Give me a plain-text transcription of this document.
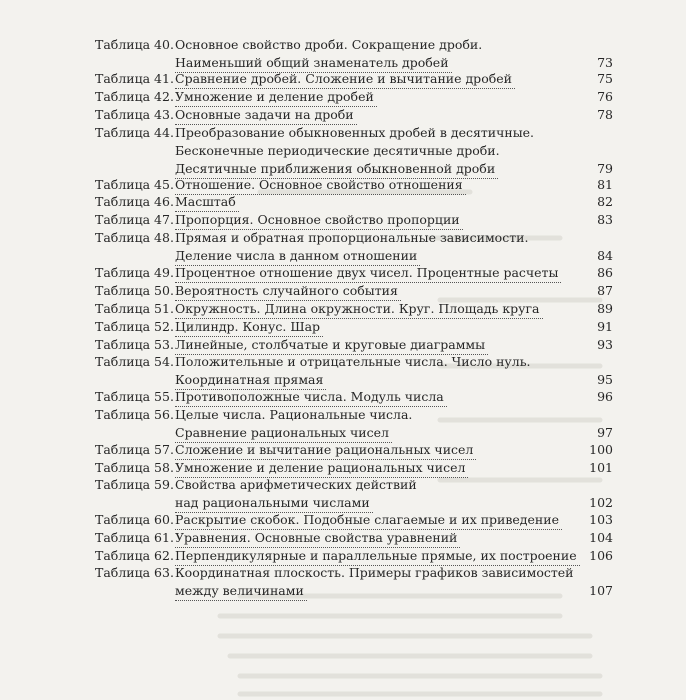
Таблица 40. Основное свойство дроби. Сокращение дроби.
Наименьший общий знаменатель дробей	73
Таблица 41. Сравнение дробей. Сложение и вычитание дробей	75
Таблица 42. Умножение и деление дробей	76
Таблица 43. Основные задачи на дроби	78
Таблица 44. Преобразование обыкновенных дробей в десятичные.
Бесконечные периодические десятичные дроби.
Десятичные приближения обыкновенной дроби	79
Таблица 45. Отношение. Основное свойство отношения	81
Таблица 46. Масштаб	82
Таблица 47. Пропорция. Основное свойство пропорции	83
Таблица 48. Прямая и обратная пропорциональные зависимости.
Деление числа в данном отношении	84
Таблица 49. Процентное отношение двух чисел. Процентные расчеты	86
Таблица 50. Вероятность случайного события	87
Таблица 51. Окружность. Длина окружности. Круг. Площадь круга	89
Таблица 52. Цилиндр. Конус. Шар	91
Таблица 53. Линейные, столбчатые и круговые диаграммы	93
Таблица 54. Положительные и отрицательные числа. Число нуль.
Координатная прямая	95
Таблица 55. Противоположные числа. Модуль числа	96
Таблица 56. Целые числа. Рациональные числа.
Сравнение рациональных чисел	97
Таблица 57. Сложение и вычитание рациональных чисел	100
Таблица 58. Умножение и деление рациональных чисел	101
Таблица 59. Свойства арифметических действий
над рациональными числами	102
Таблица 60. Раскрытие скобок. Подобные слагаемые и их приведение	103
Таблица 61. Уравнения. Основные свойства уравнений	104
Таблица 62. Перпендикулярные и параллельные прямые, их построение	106
Таблица 63. Координатная плоскость. Примеры графиков зависимостей
между величинами	107
